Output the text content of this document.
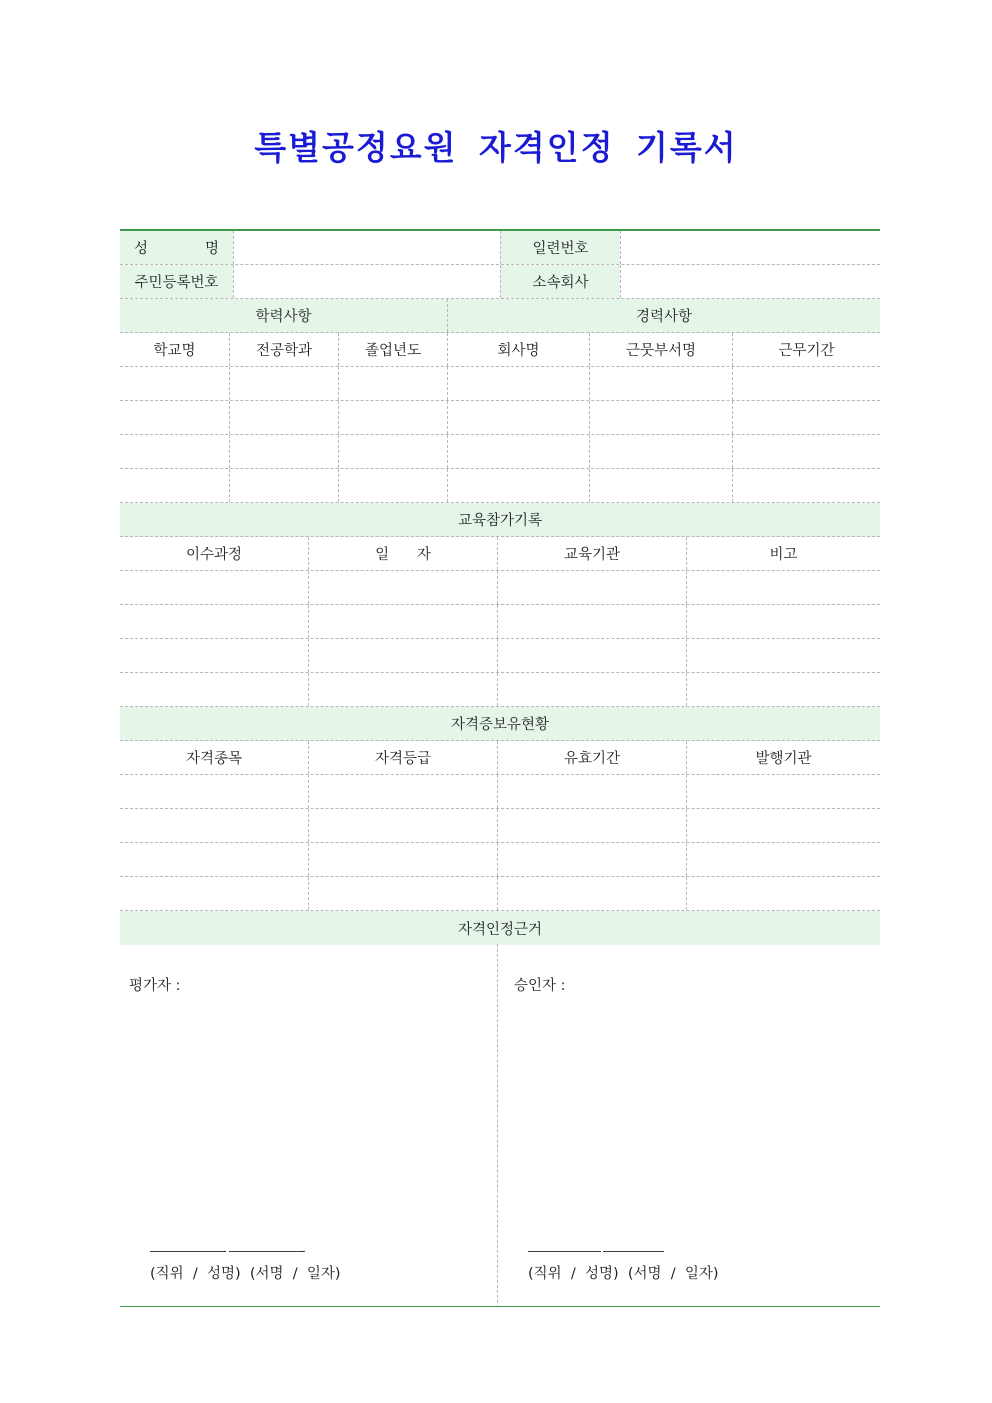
특별공정요원 자격인정 기록서
성	명	일련번호
주민등록번호	소속회사
학력사항	경력사항
학교명	전공학과	졸업년도	회사명	근뭇부서명	근무기간
교육참가기록
이수과정	일      자	교육기관	비고
자격증보유현황
자격종목	자격등급	유효기간	발행기관
자격인정근거
평가자 :
――――――- ――――――-
(직위  /  성명)  (서명  /  일자)
승인자 :
―――――― ―――――
(직위  /  성명)  (서명  /  일자)
